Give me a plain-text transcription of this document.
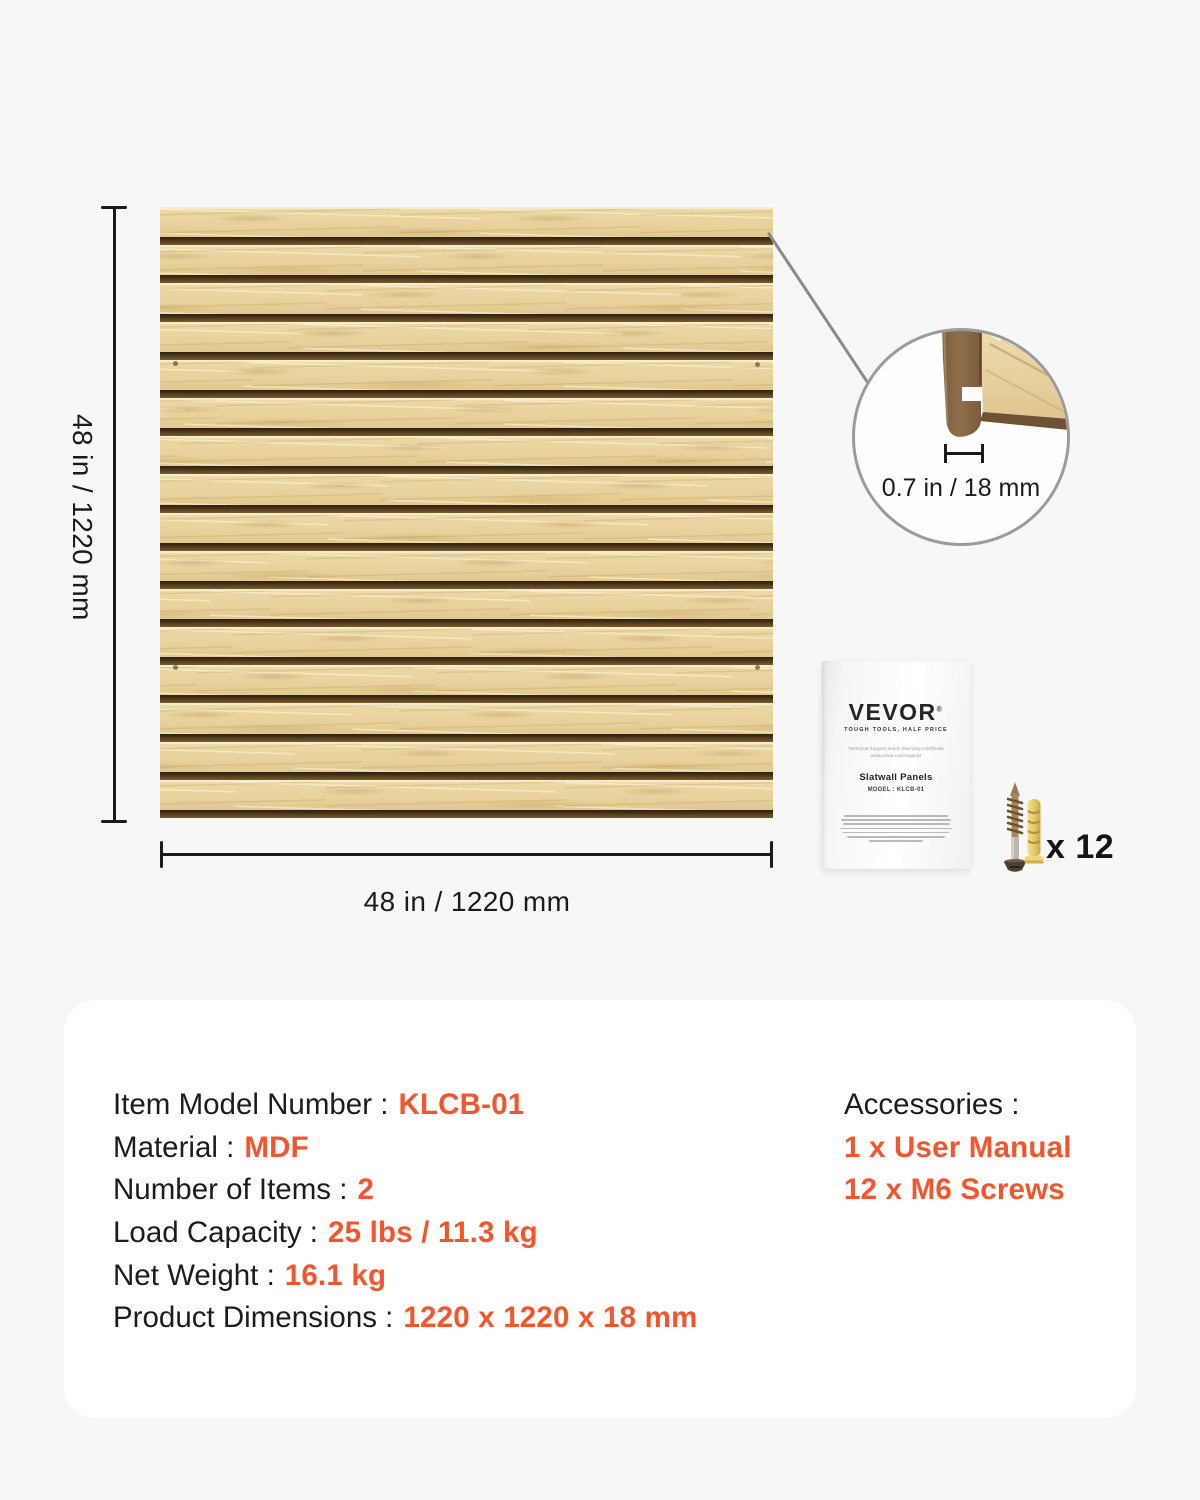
48 in / 1220 mm
48 in / 1220 mm
0.7 in / 18 mm
VEVOR®
TOUGH TOOLS, HALF PRICE
Technical Support and E-Warranty Certificate
www.vevor.com/support
Slatwall Panels
MODEL : KLCB-01
x 12
Item Model Number : KLCB-01
Material : MDF
Number of Items : 2
Load Capacity : 25 lbs / 11.3 kg
Net Weight : 16.1 kg
Product Dimensions : 1220 x 1220 x 18 mm
Accessories :
1 x User Manual
12 x M6 Screws
